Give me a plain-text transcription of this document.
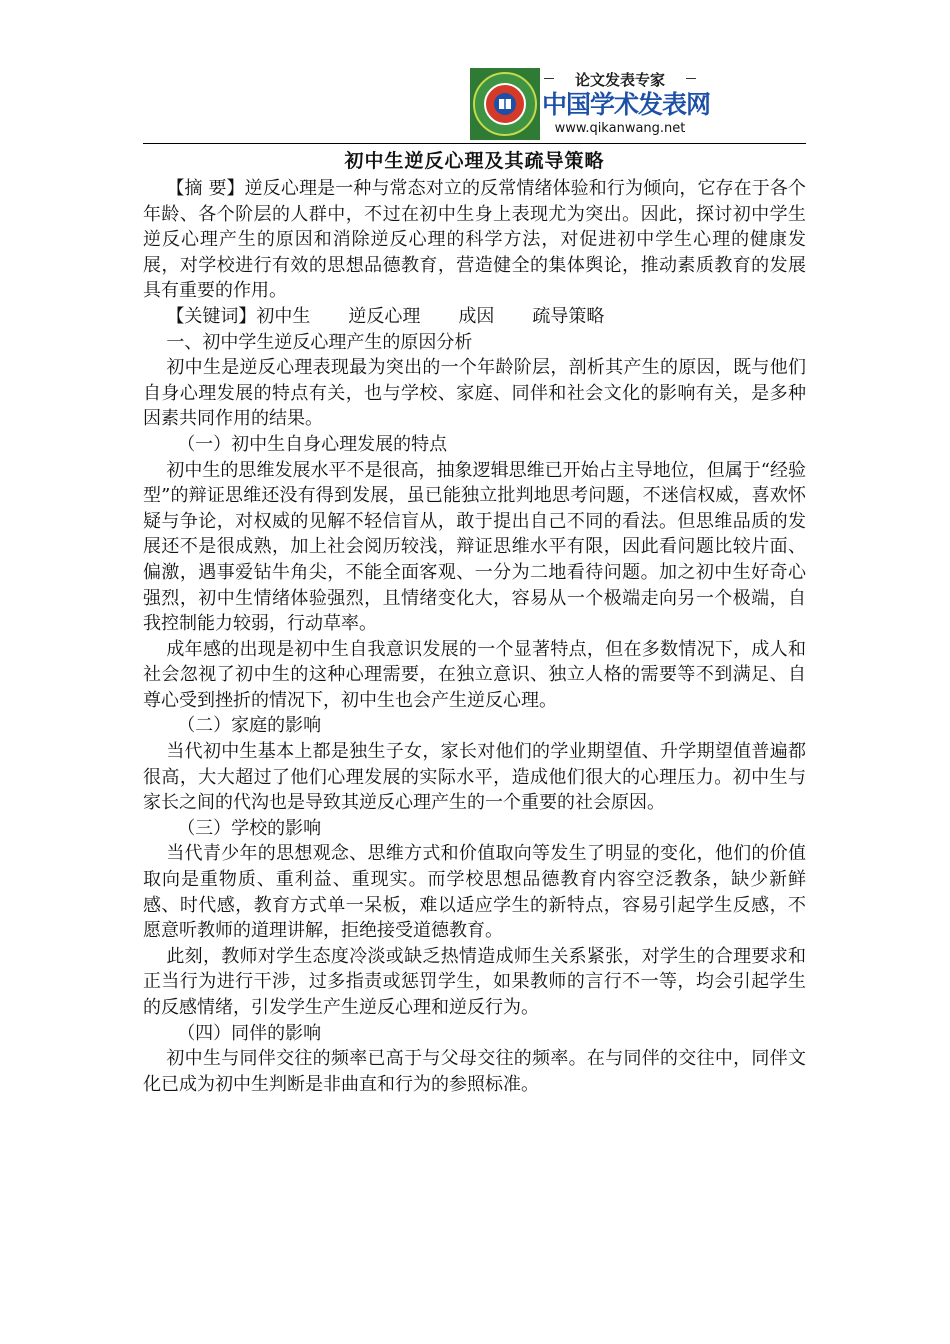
论文发表专家
中国学术发表网
www.qikanwang.net
初中生逆反心理及其疏导策略

【摘 要】逆反心理是一种与常态对立的反常情绪体验和行为倾向，它存在于各个年龄、各个阶层的人群中，不过在初中生身上表现尤为突出。因此，探讨初中学生逆反心理产生的原因和消除逆反心理的科学方法，对促进初中学生心理的健康发展，对学校进行有效的思想品德教育，营造健全的集体舆论，推动素质教育的发展具有重要的作用。

【关键词】初中生 逆反心理 成因 疏导策略

一、初中学生逆反心理产生的原因分析

初中生是逆反心理表现最为突出的一个年龄阶层，剖析其产生的原因，既与他们自身心理发展的特点有关，也与学校、家庭、同伴和社会文化的影响有关，是多种因素共同作用的结果。

（一）初中生自身心理发展的特点

初中生的思维发展水平不是很高，抽象逻辑思维已开始占主导地位，但属于“经验型”的辩证思维还没有得到发展，虽已能独立批判地思考问题，不迷信权威，喜欢怀疑与争论，对权威的见解不轻信盲从，敢于提出自己不同的看法。但思维品质的发展还不是很成熟，加上社会阅历较浅，辩证思维水平有限，因此看问题比较片面、偏激，遇事爱钻牛角尖，不能全面客观、一分为二地看待问题。加之初中生好奇心强烈，初中生情绪体验强烈，且情绪变化大，容易从一个极端走向另一个极端，自我控制能力较弱，行动草率。

成年感的出现是初中生自我意识发展的一个显著特点，但在多数情况下，成人和社会忽视了初中生的这种心理需要，在独立意识、独立人格的需要等不到满足、自尊心受到挫折的情况下，初中生也会产生逆反心理。

（二）家庭的影响

当代初中生基本上都是独生子女，家长对他们的学业期望值、升学期望值普遍都很高，大大超过了他们心理发展的实际水平，造成他们很大的心理压力。初中生与家长之间的代沟也是导致其逆反心理产生的一个重要的社会原因。

（三）学校的影响

当代青少年的思想观念、思维方式和价值取向等发生了明显的变化，他们的价值取向是重物质、重利益、重现实。而学校思想品德教育内容空泛教条，缺少新鲜感、时代感，教育方式单一呆板，难以适应学生的新特点，容易引起学生反感，不愿意听教师的道理讲解，拒绝接受道德教育。

此刻，教师对学生态度冷淡或缺乏热情造成师生关系紧张，对学生的合理要求和正当行为进行干涉，过多指责或惩罚学生，如果教师的言行不一等，均会引起学生的反感情绪，引发学生产生逆反心理和逆反行为。

（四）同伴的影响

初中生与同伴交往的频率已高于与父母交往的频率。在与同伴的交往中，同伴文化已成为初中生判断是非曲直和行为的参照标准。
